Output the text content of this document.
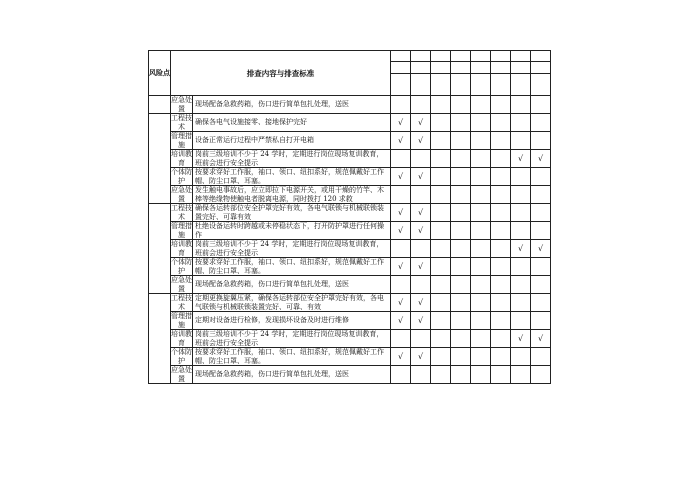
风险点	排查内容与排查标准									

	应急处置	现场配备急救药箱，伤口进行简单包扎处理，送医								
	工程技术	确保各电气设施接零、接地保护完好	√	√						
	管理措施	设备正常运行过程中严禁私自打开电箱	√	√						
	培训教育	岗前三级培训不少于 24 学时，定期进行岗位现场复训教育，班前会进行安全提示							√	√
	个体防护	按要求穿好工作服，袖口、领口、纽扣系好，规范佩戴好工作帽、防尘口罩、耳塞。	√	√						
	应急处置	发生触电事故后，应立即拉下电源开关，或用干燥的竹竿、木棒等绝缘物使触电者脱离电源，同时拨打 120 求救								
	工程技术	确保各运转部位安全护罩完好有效，各电气联锁与机械联锁装置完好、可靠有效	√	√						
	管理措施	杜绝设备运转时跨越或未停稳状态下，打开防护罩进行任何操作	√	√						
	培训教育	岗前三级培训不少于 24 学时，定期进行岗位现场复训教育，班前会进行安全提示							√	√
	个体防护	按要求穿好工作服，袖口、领口、纽扣系好，规范佩戴好工作帽、防尘口罩、耳塞。	√	√						
	应急处置	现场配备急救药箱，伤口进行简单包扎处理，送医								
	工程技术	定期更换旋翼压紧，确保各运转部位安全护罩完好有效，各电气联锁与机械联锁装置完好、可靠、有效	√	√						
	管理措施	定期对设备进行检修，发现损坏设备及时进行维修	√	√						
	培训教育	岗前三级培训不少于 24 学时，定期进行岗位现场复训教育，班前会进行安全提示							√	√
	个体防护	按要求穿好工作服，袖口、领口、纽扣系好，规范佩戴好工作帽、防尘口罩、耳塞。	√	√						
	应急处置	现场配备急救药箱，伤口进行简单包扎处理，送医								
